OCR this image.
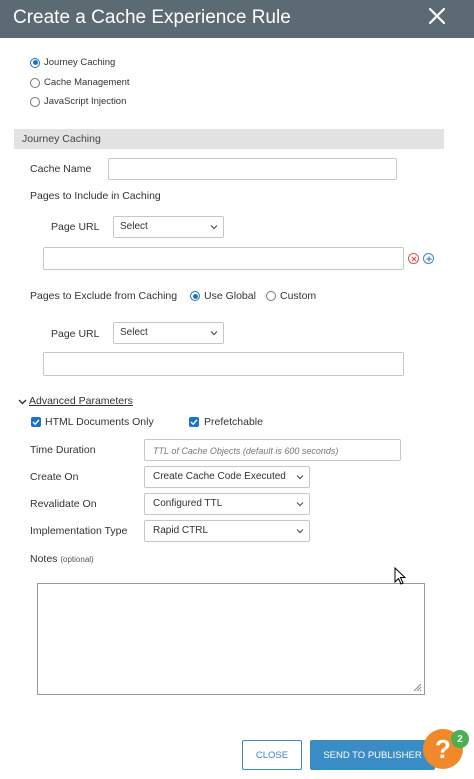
Create a Cache Experience Rule
Journey Caching
Cache Management
JavaScript Injection
Journey Caching
Cache Name
Pages to Include in Caching
Page URL	Select
Pages to Exclude from Caching	Use Global Custom
Page URL	Select
Advanced Parameters
HTML Documents Only	Prefetchable
Time Duration	TTL of Cache Objects (default is 600 seconds)
Create On	Create Cache Code Executed
Revalidate On	Configured TTL
Implementation Type	Rapid CTRL
Notes (optional)
CLOSE	SEND TO PUBLISHER ? 2
